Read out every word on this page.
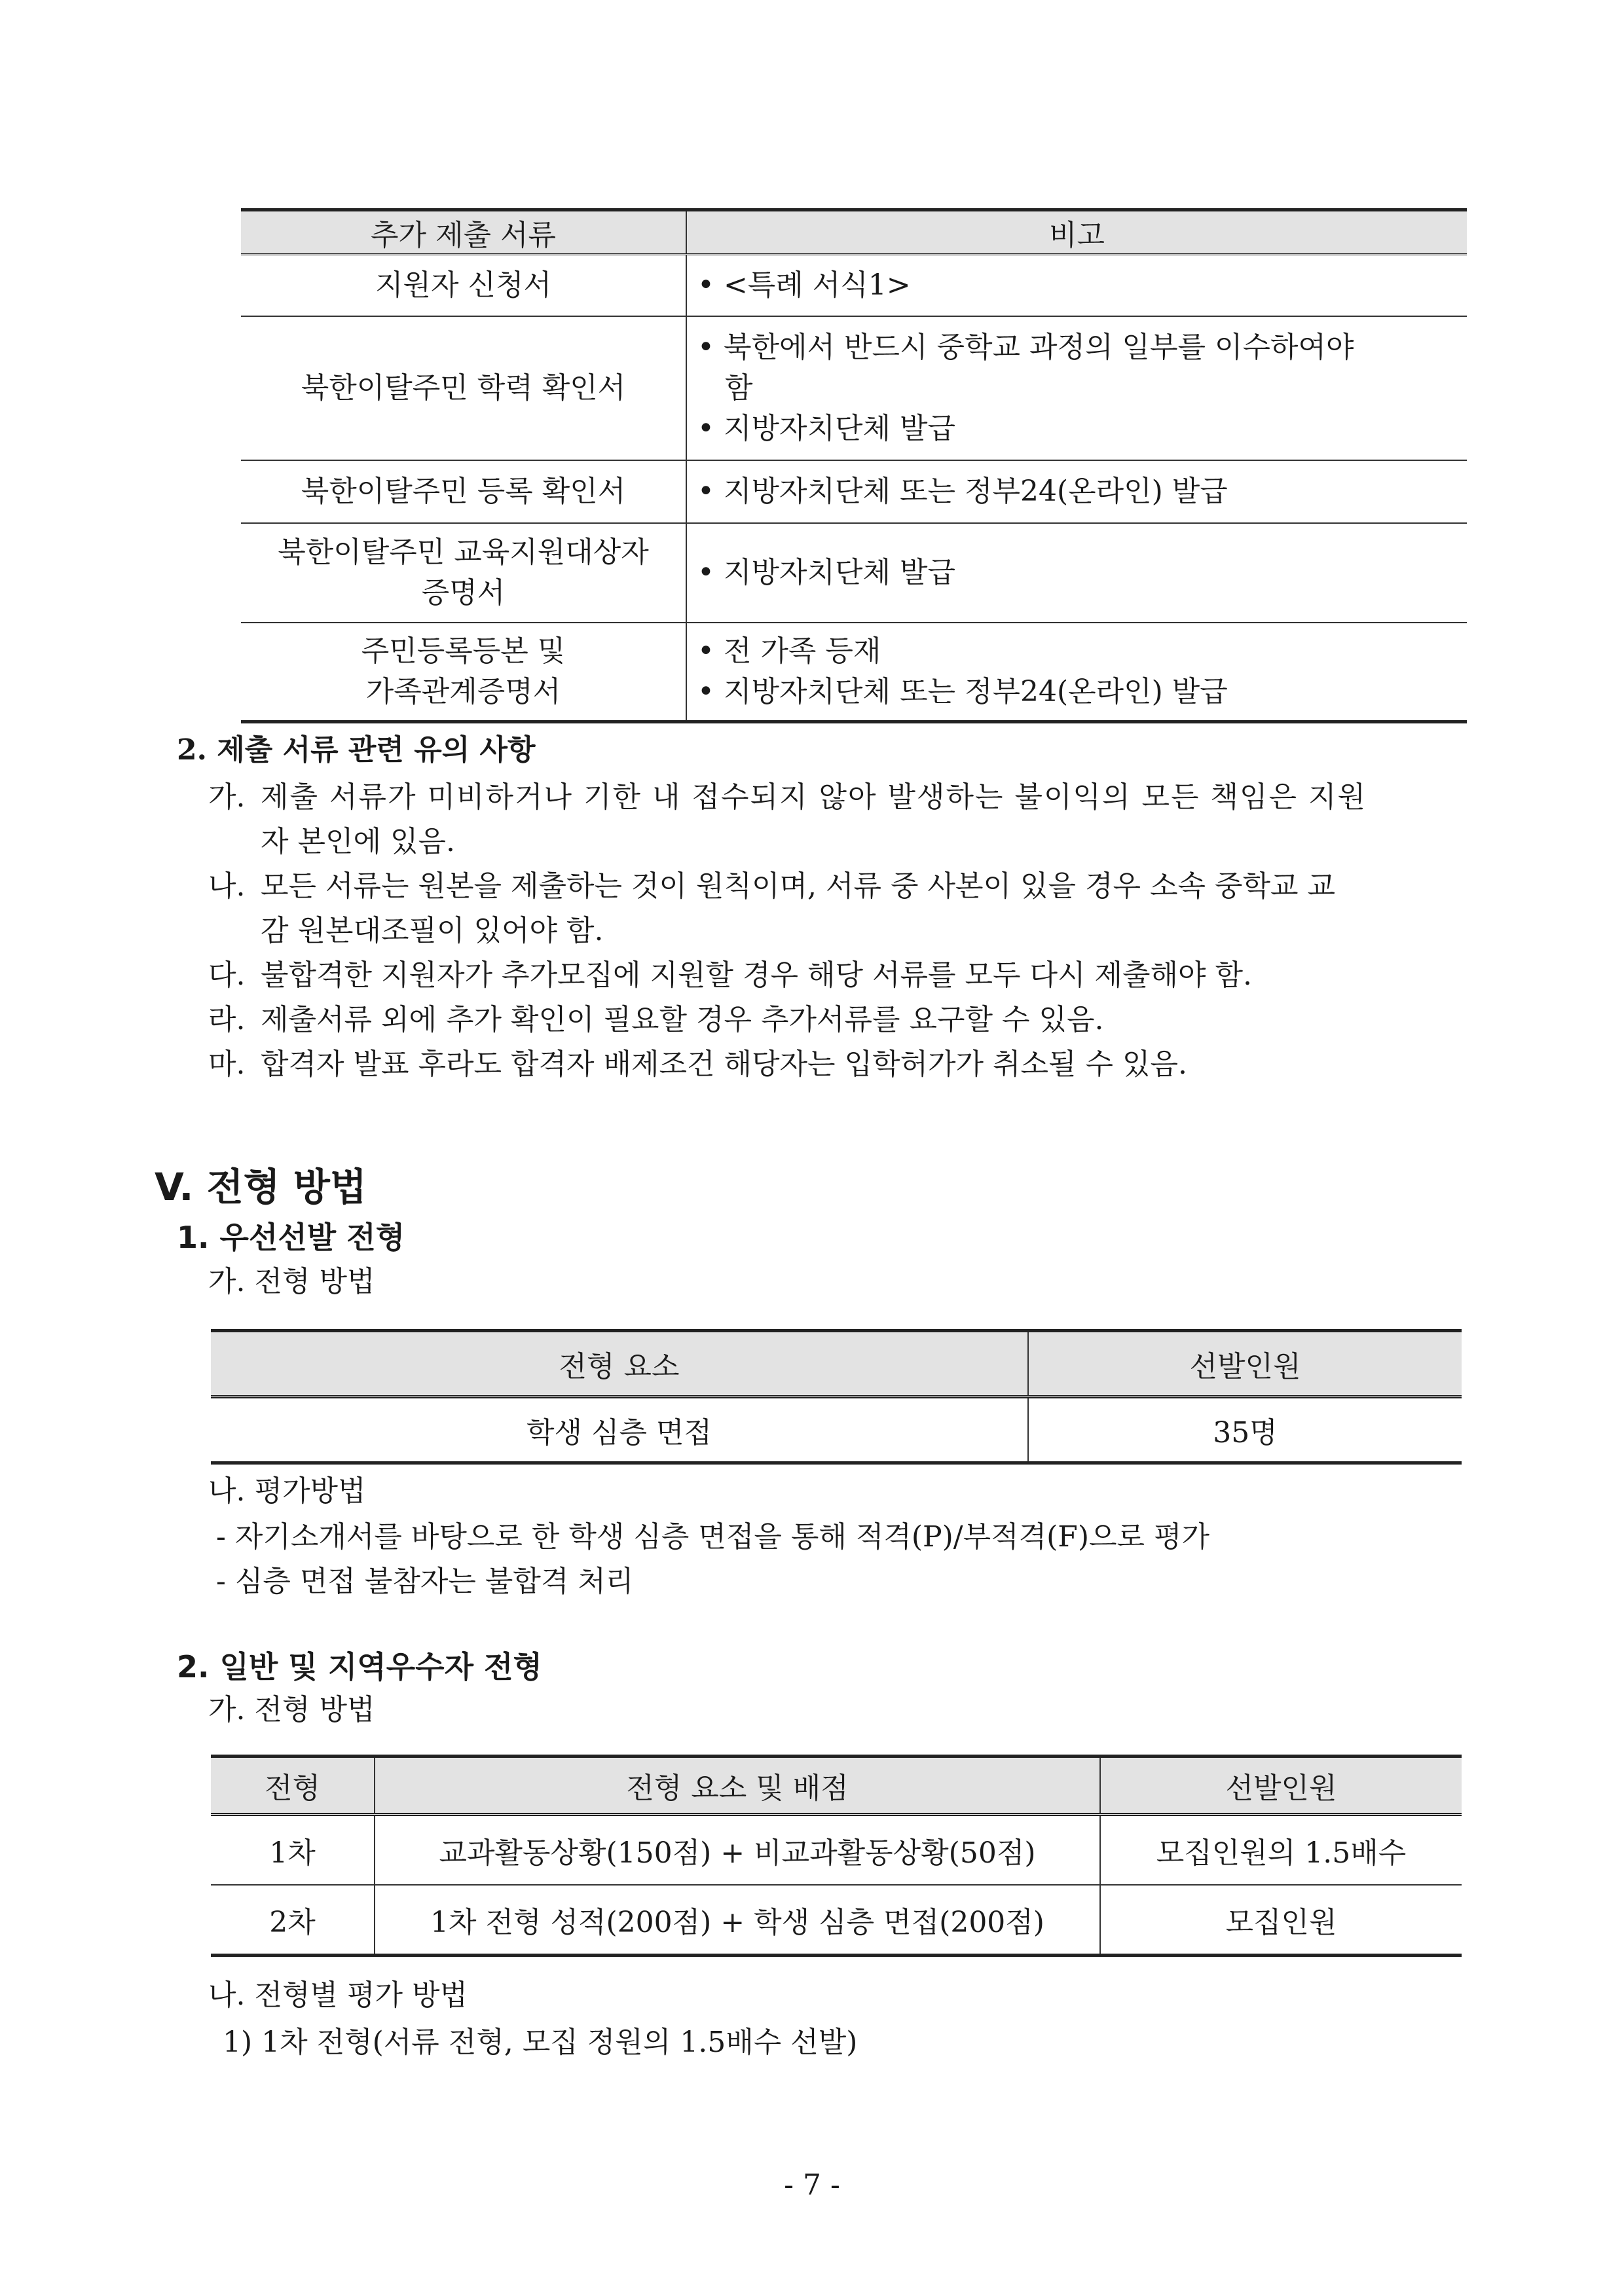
추가 제출 서류	비고

지원자 신청서	• <특례 서식1>

북한이탈주민 학력 확인서	• 북한에서 반드시 중학교 과정의 일부를 이수하여야
함
• 지방자치단체 발급

북한이탈주민 등록 확인서	• 지방자치단체 또는 정부24(온라인) 발급

북한이탈주민 교육지원대상자
증명서	• 지방자치단체 발급

주민등록등본 및
가족관계증명서	• 전 가족 등재
• 지방자치단체 또는 정부24(온라인) 발급
2. 제출 서류 관련 유의 사항
가. 제출 서류가 미비하거나 기한 내 접수되지 않아 발생하는 불이익의 모든 책임은 지원
자 본인에 있음.
나. 모든 서류는 원본을 제출하는 것이 원칙이며, 서류 중 사본이 있을 경우 소속 중학교 교
감 원본대조필이 있어야 함.
다. 불합격한 지원자가 추가모집에 지원할 경우 해당 서류를 모두 다시 제출해야 함.
라. 제출서류 외에 추가 확인이 필요할 경우 추가서류를 요구할 수 있음.
마. 합격자 발표 후라도 합격자 배제조건 해당자는 입학허가가 취소될 수 있음.
V. 전형 방법
1. 우선선발 전형
가. 전형 방법
전형 요소	선발인원
학생 심층 면접	35명
나. 평가방법
- 자기소개서를 바탕으로 한 학생 심층 면접을 통해 적격(P)/부적격(F)으로 평가
- 심층 면접 불참자는 불합격 처리
2. 일반 및 지역우수자 전형
가. 전형 방법
전형	전형 요소 및 배점	선발인원
1차	교과활동상황(150점) + 비교과활동상황(50점)	모집인원의 1.5배수
2차	1차 전형 성적(200점) + 학생 심층 면접(200점)	모집인원
나. 전형별 평가 방법
1) 1차 전형(서류 전형, 모집 정원의 1.5배수 선발)
- 7 -
